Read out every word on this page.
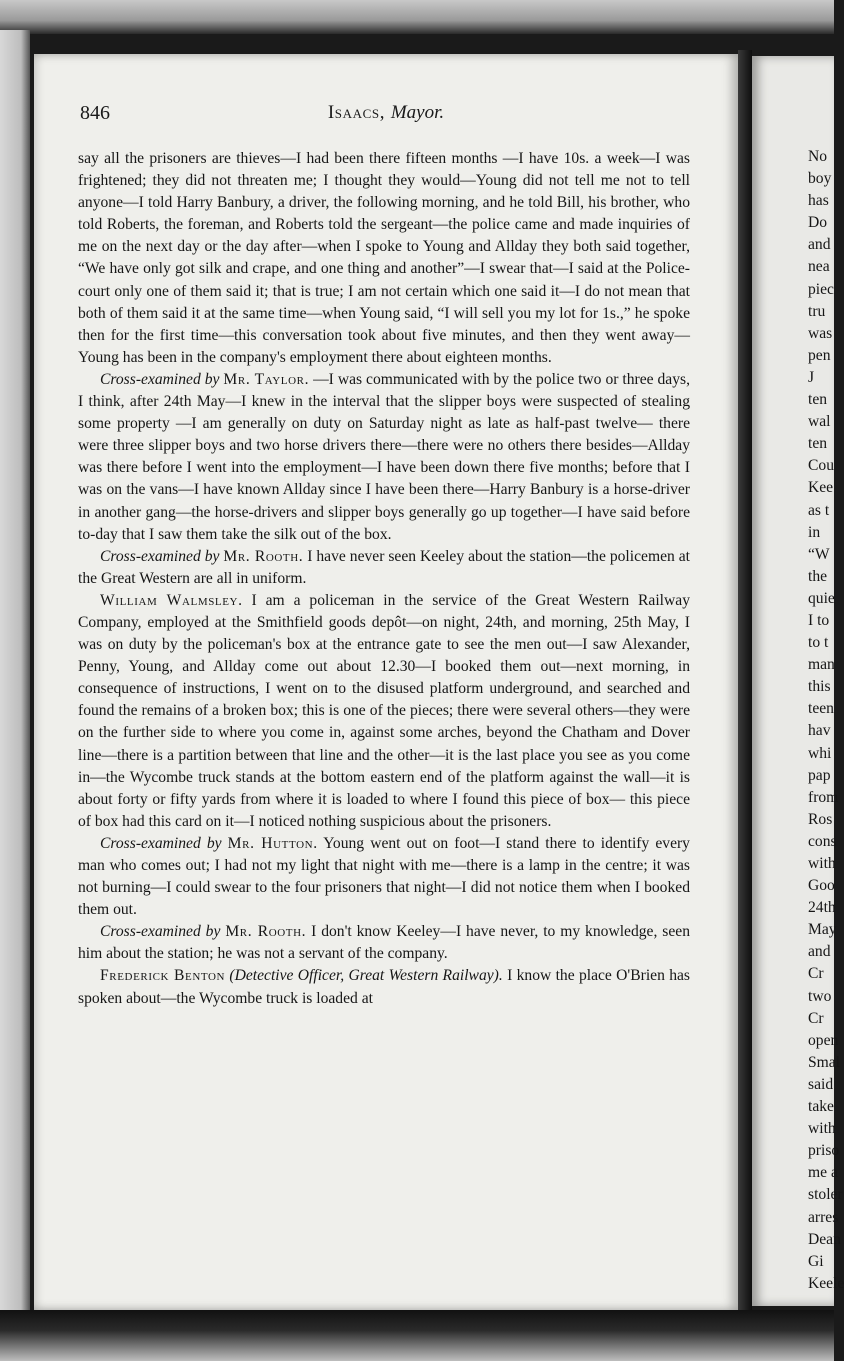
846	Isaacs, Mayor.

say all the prisoners are thieves—I had been there fifteen months —I have 10s. a week—I was frightened; they did not threaten me; I thought they would—Young did not tell me not to tell anyone—I told Harry Banbury, a driver, the following morning, and he told Bill, his brother, who told Roberts, the foreman, and Roberts told the sergeant—the police came and made inquiries of me on the next day or the day after—when I spoke to Young and Allday they both said together, “We have only got silk and crape, and one thing and another”—I swear that—I said at the Police-court only one of them said it; that is true; I am not certain which one said it—I do not mean that both of them said it at the same time—when Young said, “I will sell you my lot for 1s.,” he spoke then for the first time—this conversation took about five minutes, and then they went away—Young has been in the company's employment there about eighteen months.

Cross-examined by Mr. Taylor. —I was communicated with by the police two or three days, I think, after 24th May—I knew in the interval that the slipper boys were suspected of stealing some property —I am generally on duty on Saturday night as late as half-past twelve— there were three slipper boys and two horse drivers there—there were no others there besides—Allday was there before I went into the employment—I have been down there five months; before that I was on the vans—I have known Allday since I have been there—Harry Banbury is a horse-driver in another gang—the horse-drivers and slipper boys generally go up together—I have said before to-day that I saw them take the silk out of the box.

Cross-examined by Mr. Rooth. I have never seen Keeley about the station—the policemen at the Great Western are all in uniform.

William Walmsley. I am a policeman in the service of the Great Western Railway Company, employed at the Smithfield goods depôt—on night, 24th, and morning, 25th May, I was on duty by the policeman's box at the entrance gate to see the men out—I saw Alexander, Penny, Young, and Allday come out about 12.30—I booked them out—next morning, in consequence of instructions, I went on to the disused platform underground, and searched and found the remains of a broken box; this is one of the pieces; there were several others—they were on the further side to where you come in, against some arches, beyond the Chatham and Dover line—there is a partition between that line and the other—it is the last place you see as you come in—the Wycombe truck stands at the bottom eastern end of the platform against the wall—it is about forty or fifty yards from where it is loaded to where I found this piece of box— this piece of box had this card on it—I noticed nothing suspicious about the prisoners.

Cross-examined by Mr. Hutton. Young went out on foot—I stand there to identify every man who comes out; I had not my light that night with me—there is a lamp in the centre; it was not burning—I could swear to the four prisoners that night—I did not notice them when I booked them out.

Cross-examined by Mr. Rooth. I don't know Keeley—I have never, to my knowledge, seen him about the station; he was not a servant of the company.

Frederick Benton (Detective Officer, Great Western Railway). I know the place O'Brien has spoken about—the Wycombe truck is loaded at

No
boy
has
Do
and
nea
piec
tru
was
pen
J
ten
wal
ten
Cou
Kee
as t
in
“W
the
quie
I to
to t
man
this
teen
hav
whi
pap
from
Ros
cons
with
Goo
24th
May
and
Cr
two
Cr
open
Smal
said
take
with
priso
me a
stoler
arres
Dean
Gi
Keele
